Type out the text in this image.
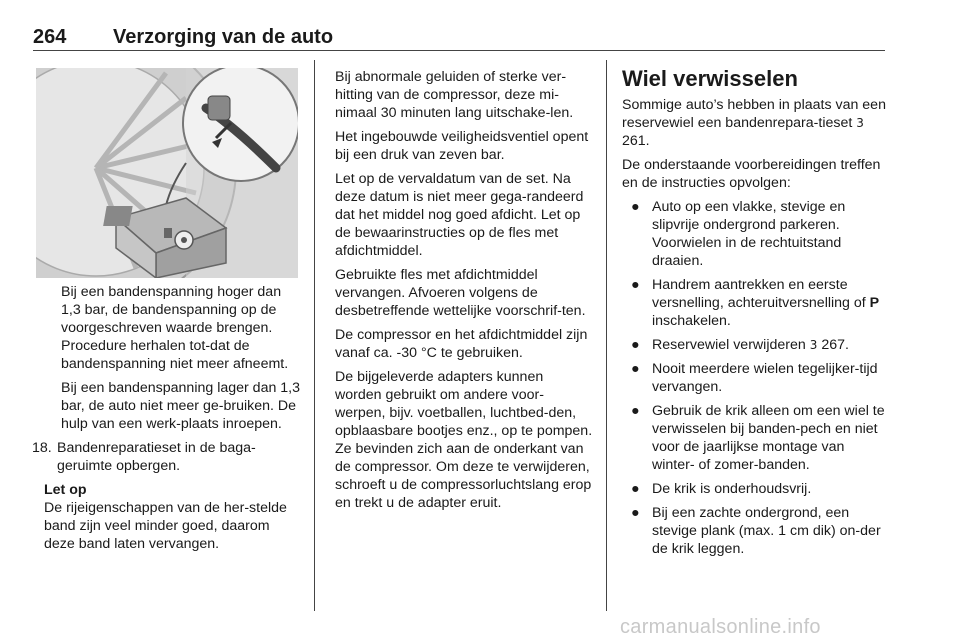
264 Verzorging van de auto

Bij een bandenspanning hoger dan 1,3 bar, de bandenspanning op de voorgeschreven waarde brengen. Procedure herhalen tot-dat de bandenspanning niet meer afneemt.

Bij een bandenspanning lager dan 1,3 bar, de auto niet meer ge-bruiken. De hulp van een werk-plaats inroepen.

18. Bandenreparatieset in de baga-geruimte opbergen.
Let op
De rijeigenschappen van de her-stelde band zijn veel minder goed, daarom deze band laten vervangen.

Bij abnormale geluiden of sterke ver-hitting van de compressor, deze mi-nimaal 30 minuten lang uitschake-len.

Het ingebouwde veiligheidsventiel opent bij een druk van zeven bar.

Let op de vervaldatum van de set. Na deze datum is niet meer gega-randeerd dat het middel nog goed afdicht. Let op de bewaarinstructies op de fles met afdichtmiddel.

Gebruikte fles met afdichtmiddel vervangen. Afvoeren volgens de desbetreffende wettelijke voorschrif-ten.

De compressor en het afdichtmiddel zijn vanaf ca. -30 °C te gebruiken.

De bijgeleverde adapters kunnen worden gebruikt om andere voor-werpen, bijv. voetballen, luchtbed-den, opblaasbare bootjes enz., op te pompen. Ze bevinden zich aan de onderkant van de compressor. Om deze te verwijderen, schroeft u de compressorluchtslang erop en trekt u de adapter eruit.

Wiel verwisselen

Sommige auto’s hebben in plaats van een reservewiel een bandenrepara-tieset 3 261.

De onderstaande voorbereidingen treffen en de instructies opvolgen:

● Auto op een vlakke, stevige en slipvrije ondergrond parkeren. Voorwielen in de rechtuitstand draaien.
● Handrem aantrekken en eerste versnelling, achteruitversnelling of P inschakelen.
● Reservewiel verwijderen 3 267.
● Nooit meerdere wielen tegelijker-tijd vervangen.
● Gebruik de krik alleen om een wiel te verwisselen bij banden-pech en niet voor de jaarlijkse montage van winter- of zomer-banden.
● De krik is onderhoudsvrij.
● Bij een zachte ondergrond, een stevige plank (max. 1 cm dik) on-der de krik leggen.
carmanualsonline.info
